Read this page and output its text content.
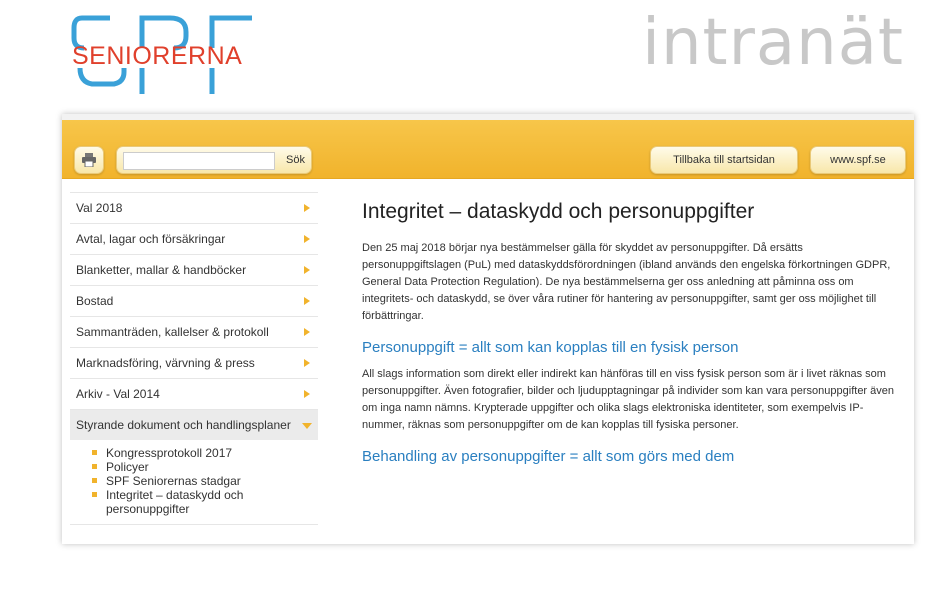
SENIORERNA	intranät
Sök	Tillbaka till startsidan	www.spf.se
Val 2018
Avtal, lagar och försäkringar
Blanketter, mallar & handböcker
Bostad
Sammanträden, kallelser & protokoll
Marknadsföring, värvning & press
Arkiv - Val 2014
Styrande dokument och handlingsplaner
Kongressprotokoll 2017
Policyer
SPF Seniorernas stadgar
Integritet – dataskydd och personuppgifter
Integritet – dataskydd och personuppgifter

Den 25 maj 2018 börjar nya bestämmelser gälla för skyddet av personuppgifter. Då ersätts personuppgiftslagen (PuL) med dataskyddsförordningen (ibland används den engelska förkortningen GDPR, General Data Protection Regulation). De nya bestämmelserna ger oss anledning att påminna oss om integritets- och dataskydd, se över våra rutiner för hantering av personuppgifter, samt ger oss möjlighet till förbättringar.

Personuppgift = allt som kan kopplas till en fysisk person

All slags information som direkt eller indirekt kan hänföras till en viss fysisk person som är i livet räknas som personuppgifter. Även fotografier, bilder och ljudupptagningar på individer som kan vara personuppgifter även om inga namn nämns. Krypterade uppgifter och olika slags elektroniska identiteter, som exempelvis IP-nummer, räknas som personuppgifter om de kan kopplas till fysiska personer.

Behandling av personuppgifter = allt som görs med dem
